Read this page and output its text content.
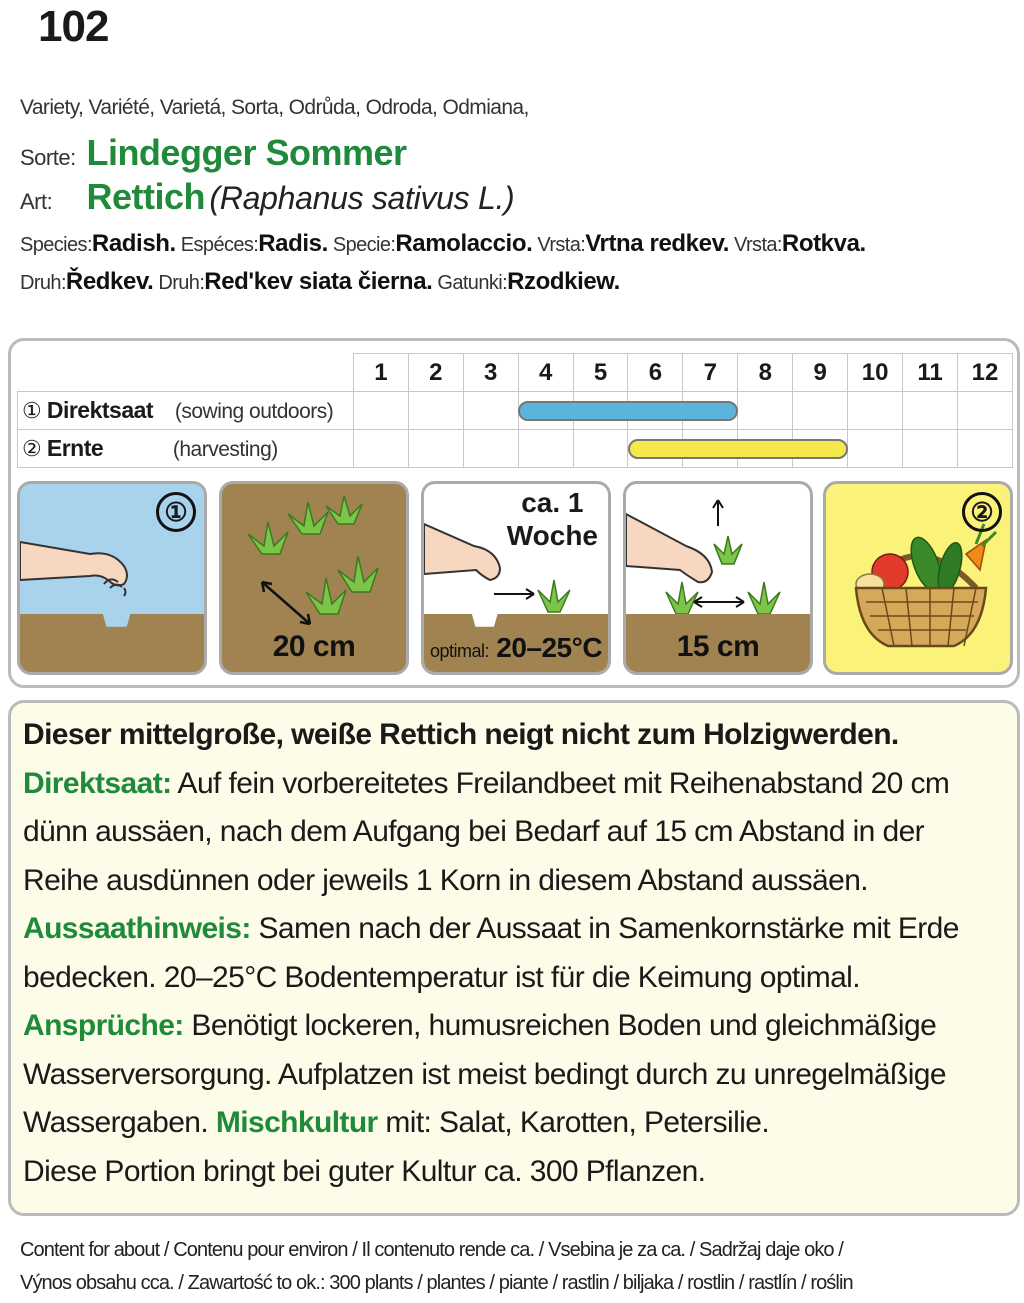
102
Variety, Variété, Varietá, Sorta, Odrůda, Odroda, Odmiana,
Sorte: Lindegger Sommer
Art: Rettich (Raphanus sativus L.)
Species:Radish. Espéces:Radis. Specie:Ramolaccio. Vrsta:Vrtna redkev. Vrsta:Rotkva.
Druh:Ředkev. Druh:Red'kev siata čierna. Gatunki:Rzodkiew.
	1	2	3	4	5	6	7	8	9	10	11	12
① Direktsaat (sowing outdoors)												
② Ernte (harvesting)												
①
20 cm
ca. 1
Woche
optimal: 20–25°C	15 cm
②

Dieser mittelgroße, weiße Rettich neigt nicht zum Holzigwerden.

Direktsaat: Auf fein vorbereitetes Freilandbeet mit Reihenabstand 20 cm dünn aussäen, nach dem Aufgang bei Bedarf auf 15 cm Abstand in der Reihe ausdünnen oder jeweils 1 Korn in diesem Abstand aussäen.

Aussaathinweis: Samen nach der Aussaat in Samenkornstärke mit Erde bedecken. 20–25°C Bodentemperatur ist für die Keimung optimal.

Ansprüche: Benötigt lockeren, humusreichen Boden und gleichmäßige Wasserversorgung. Aufplatzen ist meist bedingt durch zu unregelmäßige Wassergaben. Mischkultur mit: Salat, Karotten, Petersilie.

Diese Portion bringt bei guter Kultur ca. 300 Pflanzen.

Content for about / Contenu pour environ / Il contenuto rende ca. / Vsebina je za ca. / Sadržaj daje oko /
Výnos obsahu cca. / Zawartość to ok.: 300 plants / plantes / piante / rastlin / biljaka / rostlin / rastlín / roślin
